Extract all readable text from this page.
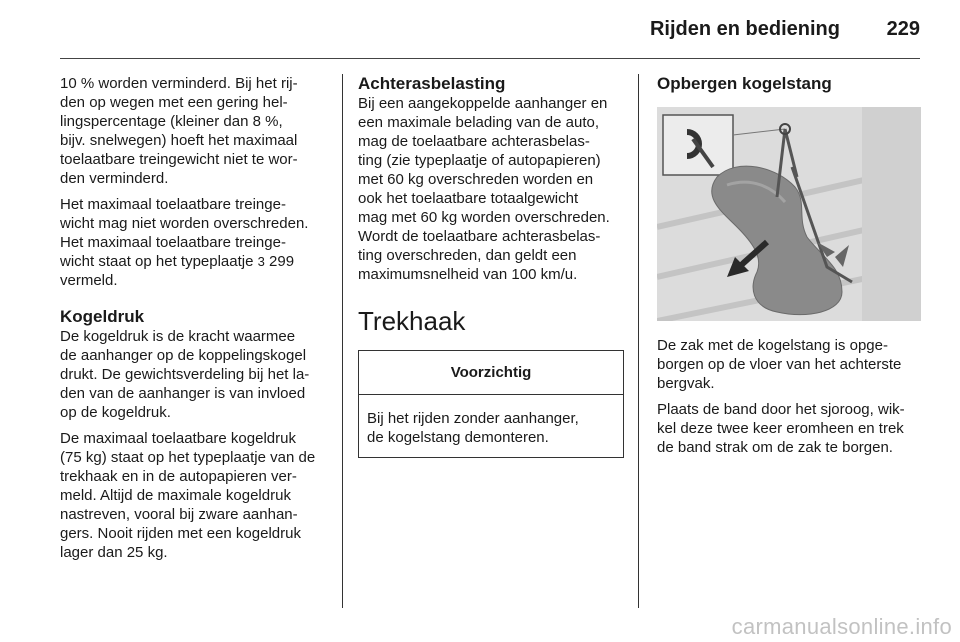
Rijden en bediening 229

10 % worden verminderd. Bij het rij-
den op wegen met een gering hel-
lingspercentage (kleiner dan 8 %,
bijv. snelwegen) hoeft het maximaal
toelaatbare treingewicht niet te wor-
den verminderd.

Het maximaal toelaatbare treinge-
wicht mag niet worden overschreden.
Het maximaal toelaatbare treinge-
wicht staat op het typeplaatje 3 299
vermeld.

Kogeldruk

De kogeldruk is de kracht waarmee
de aanhanger op de koppelingskogel
drukt. De gewichtsverdeling bij het la-
den van de aanhanger is van invloed
op de kogeldruk.

De maximaal toelaatbare kogeldruk
(75 kg) staat op het typeplaatje van de
trekhaak en in de autopapieren ver-
meld. Altijd de maximale kogeldruk
nastreven, vooral bij zware aanhan-
gers. Nooit rijden met een kogeldruk
lager dan 25 kg.

Achterasbelasting

Bij een aangekoppelde aanhanger en
een maximale belading van de auto,
mag de toelaatbare achterasbelas-
ting (zie typeplaatje of autopapieren)
met 60 kg overschreden worden en
ook het toelaatbare totaalgewicht
mag met 60 kg worden overschreden.
Wordt de toelaatbare achterasbelas-
ting overschreden, dan geldt een
maximumsnelheid van 100 km/u.

Trekhaak
Voorzichtig
Bij het rijden zonder aanhanger,
de kogelstang demonteren.
Opbergen kogelstang

De zak met de kogelstang is opge-
borgen op de vloer van het achterste
bergvak.

Plaats de band door het sjoroog, wik-
kel deze twee keer eromheen en trek
de band strak om de zak te borgen.

carmanualsonline.info
